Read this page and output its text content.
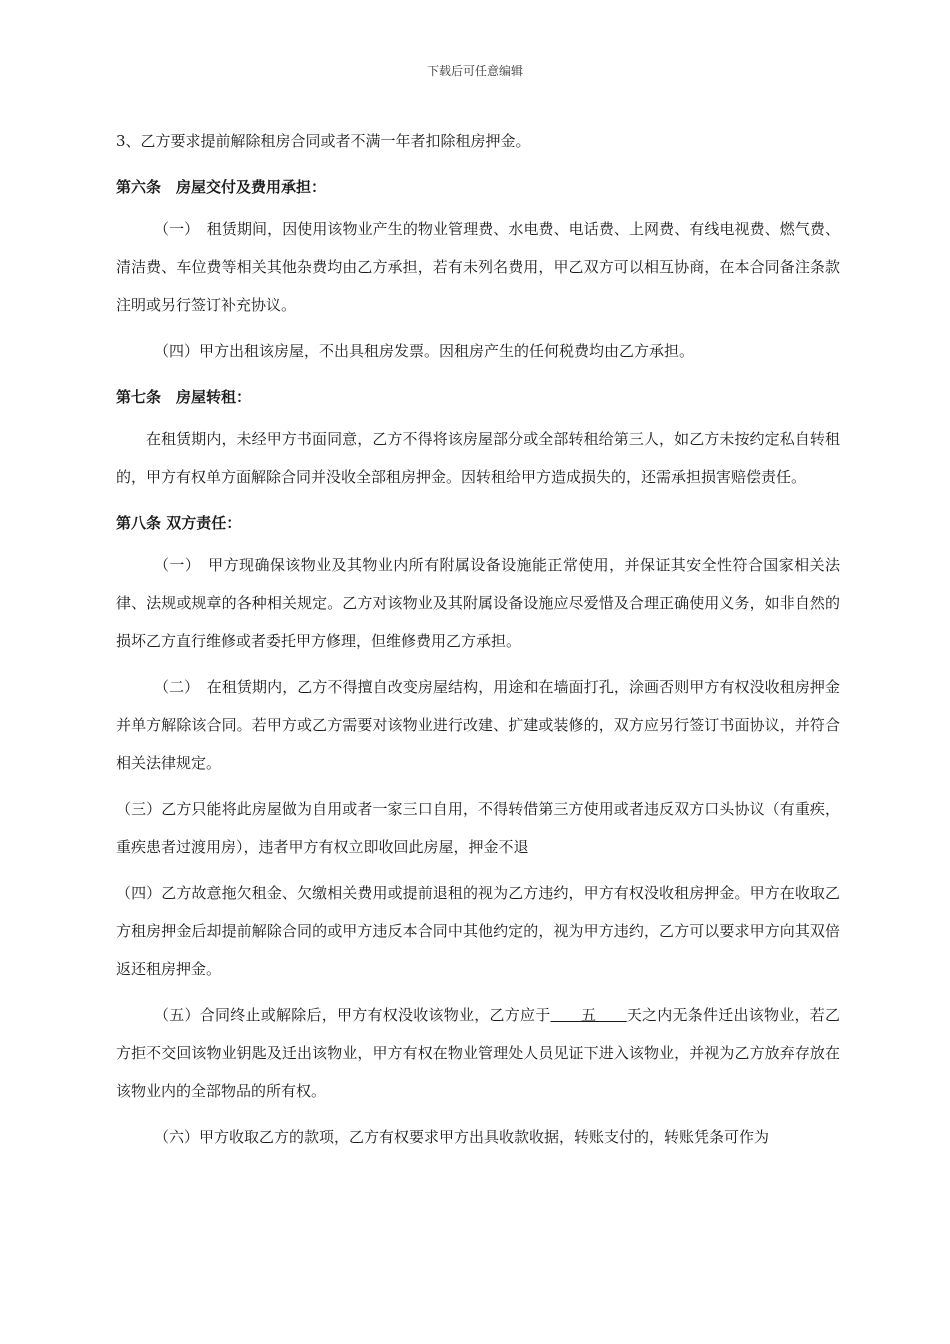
下载后可任意编辑

3、乙方要求提前解除租房合同或者不满一年者扣除租房押金。

第六条　房屋交付及费用承担：

（一）　租赁期间，因使用该物业产生的物业管理费、水电费、电话费、上网费、有线电视费、燃气费、清洁费、车位费等相关其他杂费均由乙方承担，若有未列名费用，甲乙双方可以相互协商，在本合同备注条款注明或另行签订补充协议。

（四）甲方出租该房屋，不出具租房发票。因租房产生的任何税费均由乙方承担。

第七条　房屋转租：

在租赁期内，未经甲方书面同意，乙方不得将该房屋部分或全部转租给第三人，如乙方未按约定私自转租的，甲方有权单方面解除合同并没收全部租房押金。因转租给甲方造成损失的，还需承担损害赔偿责任。

第八条 双方责任：

（一）　甲方现确保该物业及其物业内所有附属设备设施能正常使用，并保证其安全性符合国家相关法律、法规或规章的各种相关规定。乙方对该物业及其附属设备设施应尽爱惜及合理正确使用义务，如非自然的损坏乙方直行维修或者委托甲方修理，但维修费用乙方承担。

（二）　在租赁期内，乙方不得擅自改变房屋结构，用途和在墙面打孔，涂画否则甲方有权没收租房押金并单方解除该合同。若甲方或乙方需要对该物业进行改建、扩建或装修的，双方应另行签订书面协议，并符合相关法律规定。

（三）乙方只能将此房屋做为自用或者一家三口自用，不得转借第三方使用或者违反双方口头协议（有重疾，重疾患者过渡用房），违者甲方有权立即收回此房屋，押金不退

（四）乙方故意拖欠租金、欠缴相关费用或提前退租的视为乙方违约，甲方有权没收租房押金。甲方在收取乙方租房押金后却提前解除合同的或甲方违反本合同中其他约定的，视为甲方违约，乙方可以要求甲方向其双倍返还租房押金。

（五）合同终止或解除后，甲方有权没收该物业，乙方应于　　五　　天之内无条件迁出该物业，若乙方拒不交回该物业钥匙及迁出该物业，甲方有权在物业管理处人员见证下进入该物业，并视为乙方放弃存放在该物业内的全部物品的所有权。

（六）甲方收取乙方的款项，乙方有权要求甲方出具收款收据，转账支付的，转账凭条可作为
